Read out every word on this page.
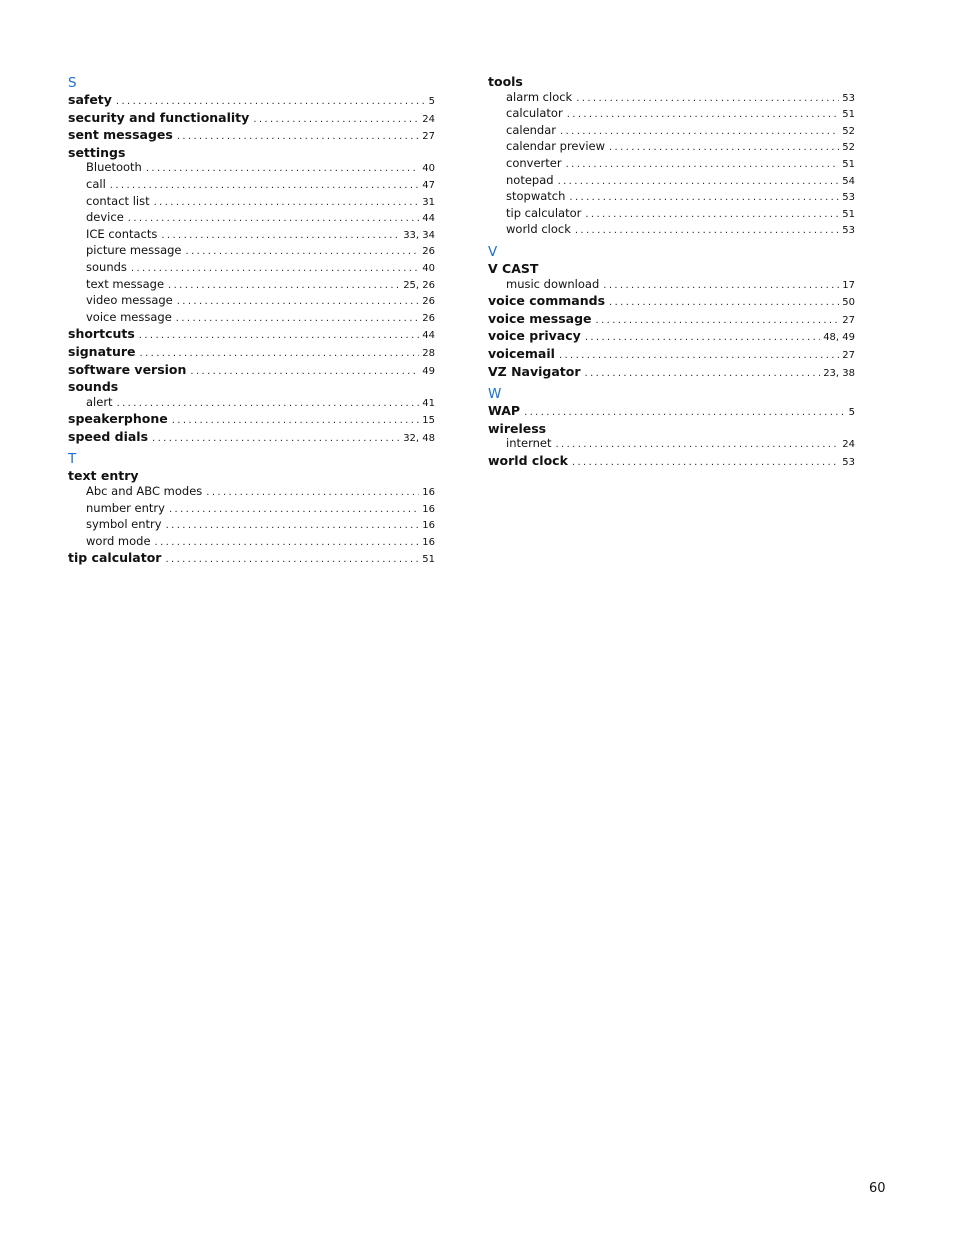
S
safety . . .	5
security and functionality . . .	24
sent messages . . .	27
settings
Bluetooth . . .	40
call . . .	47
contact list . . .	31
device . . .	44
ICE contacts . . .	33, 34
picture message . . .	26
sounds . . .	40
text message . . .	25, 26
video message . . .	26
voice message . . .	26
shortcuts . . .	44
signature . . .	28
software version . . .	49
sounds
alert . . .	41
speakerphone . . .	15
speed dials . . .	32, 48
T
text entry
Abc and ABC modes . . .	16
number entry . . .	16
symbol entry . . .	16
word mode . . .	16
tip calculator . . .	51
tools
alarm clock . . .	53
calculator . . .	51
calendar . . .	52
calendar preview . . .	52
converter . . .	51
notepad . . .	54
stopwatch . . .	53
tip calculator . . .	51
world clock . . .	53
V
V CAST
music download . . .	17
voice commands . . .	50
voice message . . .	27
voice privacy . . .	48, 49
voicemail . . .	27
VZ Navigator . . .	23, 38
W
WAP . . .	5
wireless
internet . . .	24
world clock . . .	53
60
